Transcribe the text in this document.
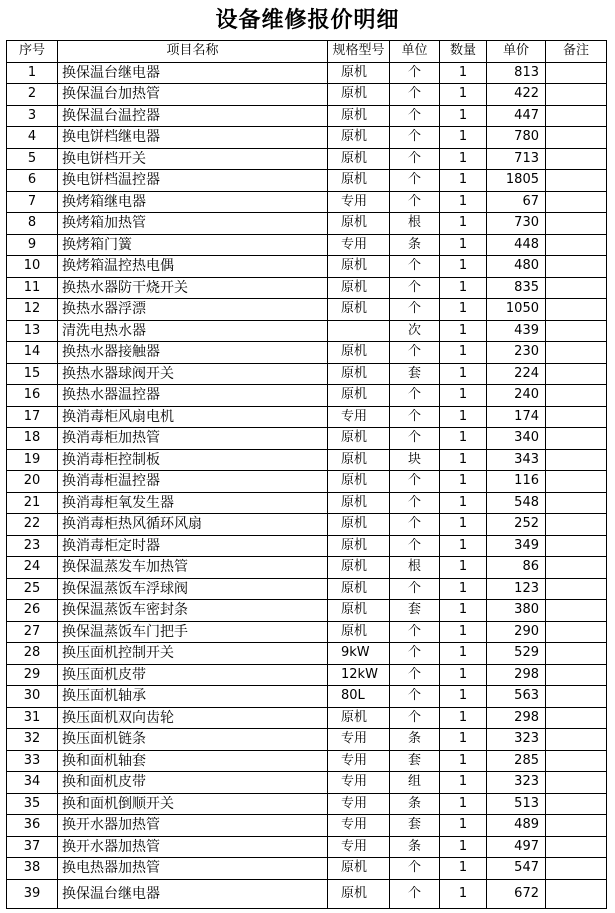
设备维修报价明细
序号	项目名称	规格型号	单位	数量	单价	备注
1	换保温台继电器	原机	个	1	813	
2	换保温台加热管	原机	个	1	422	
3	换保温台温控器	原机	个	1	447	
4	换电饼档继电器	原机	个	1	780	
5	换电饼档开关	原机	个	1	713	
6	换电饼档温控器	原机	个	1	1805	
7	换烤箱继电器	专用	个	1	67	
8	换烤箱加热管	原机	根	1	730	
9	换烤箱门簧	专用	条	1	448	
10	换烤箱温控热电偶	原机	个	1	480	
11	换热水器防干烧开关	原机	个	1	835	
12	换热水器浮漂	原机	个	1	1050	
13	清洗电热水器		次	1	439	
14	换热水器接触器	原机	个	1	230	
15	换热水器球阀开关	原机	套	1	224	
16	换热水器温控器	原机	个	1	240	
17	换消毒柜风扇电机	专用	个	1	174	
18	换消毒柜加热管	原机	个	1	340	
19	换消毒柜控制板	原机	块	1	343	
20	换消毒柜温控器	原机	个	1	116	
21	换消毒柜氧发生器	原机	个	1	548	
22	换消毒柜热风循环风扇	原机	个	1	252	
23	换消毒柜定时器	原机	个	1	349	
24	换保温蒸发车加热管	原机	根	1	86	
25	换保温蒸饭车浮球阀	原机	个	1	123	
26	换保温蒸饭车密封条	原机	套	1	380	
27	换保温蒸饭车门把手	原机	个	1	290	
28	换压面机控制开关	9kW	个	1	529	
29	换压面机皮带	12kW	个	1	298	
30	换压面机轴承	80L	个	1	563	
31	换压面机双向齿轮	原机	个	1	298	
32	换压面机链条	专用	条	1	323	
33	换和面机轴套	专用	套	1	285	
34	换和面机皮带	专用	组	1	323	
35	换和面机倒顺开关	专用	条	1	513	
36	换开水器加热管	专用	套	1	489	
37	换开水器加热管	专用	条	1	497	
38	换电热器加热管	原机	个	1	547	
39	换保温台继电器	原机	个	1	672	
